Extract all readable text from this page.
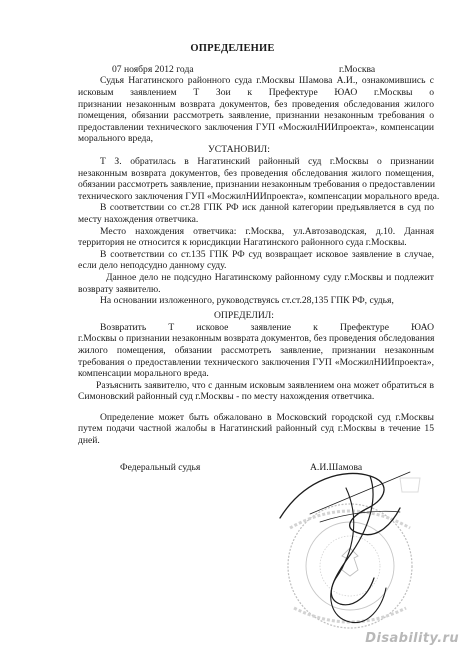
ОПРЕДЕЛЕНИЕ
07 ноября 2012 года	г.Москва
Судья Нагатинского районного суда г.Москвы Шамова А.И., ознакомившись с
исковым заявлением Т Зои к Префектуре ЮАО г.Москвы о
признании незаконным возврата документов, без проведения обследования жилого
помещения, обязании рассмотреть заявление, признании незаконным требования о
предоставлении технического заключения ГУП «МосжилНИИпроекта», компенсации
морального вреда,
УСТАНОВИЛ:
Т З. обратилась в Нагатинский районный суд г.Москвы о признании
незаконным возврата документов, без проведения обследования жилого помещения,
обязании рассмотреть заявление, признании незаконным требования о предоставлении
технического заключения ГУП «МосжилНИИпроекта», компенсации морального вреда.
В соответствии со ст.28 ГПК РФ иск данной категории предъявляется в суд по
месту нахождения ответчика.
Место нахождения ответчика: г.Москва, ул.Автозаводская, д.10. Данная
территория не относится к юрисдикции Нагатинского районного суда г.Москвы.
В соответствии со ст.135 ГПК РФ суд возвращает исковое заявление в случае,
если дело неподсудно данному суду.
Данное дело не подсудно Нагатинскому районному суду г.Москвы и подлежит
возврату заявителю.
На основании изложенного, руководствуясь ст.ст.28,135 ГПК РФ, судья,
ОПРЕДЕЛИЛ:
Возвратить Т исковое заявление к Префектуре ЮАО
г.Москвы о признании незаконным возврата документов, без проведения обследования
жилого помещения, обязании рассмотреть заявление, признании незаконным
требования о предоставлении технического заключения ГУП «МосжилНИИпроекта»,
компенсации морального вреда.
Разъяснить заявителю, что с данным исковым заявлением она может обратиться в
Симоновский районный суд г.Москвы - по месту нахождения ответчика.
Определение может быть обжаловано в Московский городской суд г.Москвы
путем подачи частной жалобы в Нагатинский районный суд г.Москвы в течение 15
дней.
Федеральный судья	А.И.Шамова
Disability.ru
